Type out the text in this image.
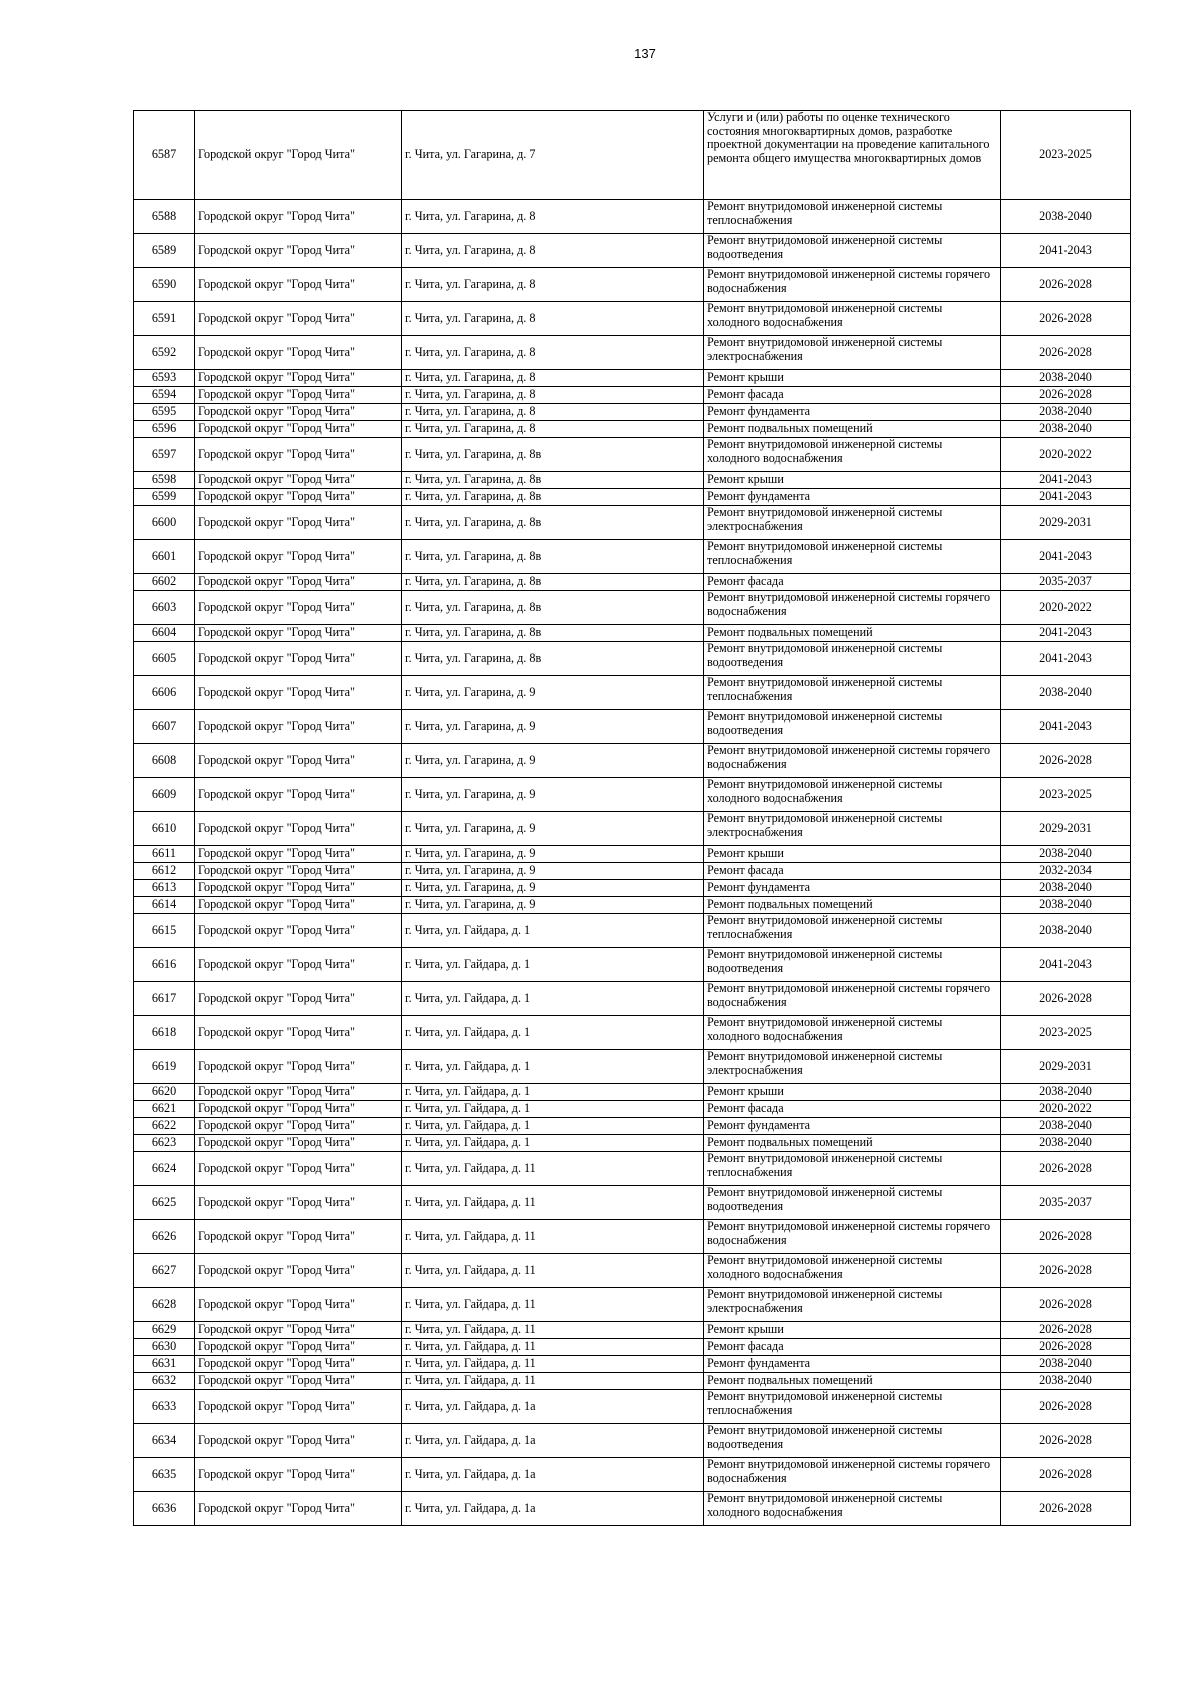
137
6587	Городской округ "Город Чита"	г. Чита, ул. Гагарина, д. 7	Услуги и (или) работы по оценке технического состояния многоквартирных домов, разработке проектной документации на проведение капитального ремонта общего имущества многоквартирных домов	2023-2025
6588	Городской округ "Город Чита"	г. Чита, ул. Гагарина, д. 8	Ремонт внутридомовой инженерной системы теплоснабжения	2038-2040
6589	Городской округ "Город Чита"	г. Чита, ул. Гагарина, д. 8	Ремонт внутридомовой инженерной системы водоотведения	2041-2043
6590	Городской округ "Город Чита"	г. Чита, ул. Гагарина, д. 8	Ремонт внутридомовой инженерной системы горячего водоснабжения	2026-2028
6591	Городской округ "Город Чита"	г. Чита, ул. Гагарина, д. 8	Ремонт внутридомовой инженерной системы холодного водоснабжения	2026-2028
6592	Городской округ "Город Чита"	г. Чита, ул. Гагарина, д. 8	Ремонт внутридомовой инженерной системы электроснабжения	2026-2028
6593	Городской округ "Город Чита"	г. Чита, ул. Гагарина, д. 8	Ремонт крыши	2038-2040
6594	Городской округ "Город Чита"	г. Чита, ул. Гагарина, д. 8	Ремонт фасада	2026-2028
6595	Городской округ "Город Чита"	г. Чита, ул. Гагарина, д. 8	Ремонт фундамента	2038-2040
6596	Городской округ "Город Чита"	г. Чита, ул. Гагарина, д. 8	Ремонт подвальных помещений	2038-2040
6597	Городской округ "Город Чита"	г. Чита, ул. Гагарина, д. 8в	Ремонт внутридомовой инженерной системы холодного водоснабжения	2020-2022
6598	Городской округ "Город Чита"	г. Чита, ул. Гагарина, д. 8в	Ремонт крыши	2041-2043
6599	Городской округ "Город Чита"	г. Чита, ул. Гагарина, д. 8в	Ремонт фундамента	2041-2043
6600	Городской округ "Город Чита"	г. Чита, ул. Гагарина, д. 8в	Ремонт внутридомовой инженерной системы электроснабжения	2029-2031
6601	Городской округ "Город Чита"	г. Чита, ул. Гагарина, д. 8в	Ремонт внутридомовой инженерной системы теплоснабжения	2041-2043
6602	Городской округ "Город Чита"	г. Чита, ул. Гагарина, д. 8в	Ремонт фасада	2035-2037
6603	Городской округ "Город Чита"	г. Чита, ул. Гагарина, д. 8в	Ремонт внутридомовой инженерной системы горячего водоснабжения	2020-2022
6604	Городской округ "Город Чита"	г. Чита, ул. Гагарина, д. 8в	Ремонт подвальных помещений	2041-2043
6605	Городской округ "Город Чита"	г. Чита, ул. Гагарина, д. 8в	Ремонт внутридомовой инженерной системы водоотведения	2041-2043
6606	Городской округ "Город Чита"	г. Чита, ул. Гагарина, д. 9	Ремонт внутридомовой инженерной системы теплоснабжения	2038-2040
6607	Городской округ "Город Чита"	г. Чита, ул. Гагарина, д. 9	Ремонт внутридомовой инженерной системы водоотведения	2041-2043
6608	Городской округ "Город Чита"	г. Чита, ул. Гагарина, д. 9	Ремонт внутридомовой инженерной системы горячего водоснабжения	2026-2028
6609	Городской округ "Город Чита"	г. Чита, ул. Гагарина, д. 9	Ремонт внутридомовой инженерной системы холодного водоснабжения	2023-2025
6610	Городской округ "Город Чита"	г. Чита, ул. Гагарина, д. 9	Ремонт внутридомовой инженерной системы электроснабжения	2029-2031
6611	Городской округ "Город Чита"	г. Чита, ул. Гагарина, д. 9	Ремонт крыши	2038-2040
6612	Городской округ "Город Чита"	г. Чита, ул. Гагарина, д. 9	Ремонт фасада	2032-2034
6613	Городской округ "Город Чита"	г. Чита, ул. Гагарина, д. 9	Ремонт фундамента	2038-2040
6614	Городской округ "Город Чита"	г. Чита, ул. Гагарина, д. 9	Ремонт подвальных помещений	2038-2040
6615	Городской округ "Город Чита"	г. Чита, ул. Гайдара, д. 1	Ремонт внутридомовой инженерной системы теплоснабжения	2038-2040
6616	Городской округ "Город Чита"	г. Чита, ул. Гайдара, д. 1	Ремонт внутридомовой инженерной системы водоотведения	2041-2043
6617	Городской округ "Город Чита"	г. Чита, ул. Гайдара, д. 1	Ремонт внутридомовой инженерной системы горячего водоснабжения	2026-2028
6618	Городской округ "Город Чита"	г. Чита, ул. Гайдара, д. 1	Ремонт внутридомовой инженерной системы холодного водоснабжения	2023-2025
6619	Городской округ "Город Чита"	г. Чита, ул. Гайдара, д. 1	Ремонт внутридомовой инженерной системы электроснабжения	2029-2031
6620	Городской округ "Город Чита"	г. Чита, ул. Гайдара, д. 1	Ремонт крыши	2038-2040
6621	Городской округ "Город Чита"	г. Чита, ул. Гайдара, д. 1	Ремонт фасада	2020-2022
6622	Городской округ "Город Чита"	г. Чита, ул. Гайдара, д. 1	Ремонт фундамента	2038-2040
6623	Городской округ "Город Чита"	г. Чита, ул. Гайдара, д. 1	Ремонт подвальных помещений	2038-2040
6624	Городской округ "Город Чита"	г. Чита, ул. Гайдара, д. 11	Ремонт внутридомовой инженерной системы теплоснабжения	2026-2028
6625	Городской округ "Город Чита"	г. Чита, ул. Гайдара, д. 11	Ремонт внутридомовой инженерной системы водоотведения	2035-2037
6626	Городской округ "Город Чита"	г. Чита, ул. Гайдара, д. 11	Ремонт внутридомовой инженерной системы горячего водоснабжения	2026-2028
6627	Городской округ "Город Чита"	г. Чита, ул. Гайдара, д. 11	Ремонт внутридомовой инженерной системы холодного водоснабжения	2026-2028
6628	Городской округ "Город Чита"	г. Чита, ул. Гайдара, д. 11	Ремонт внутридомовой инженерной системы электроснабжения	2026-2028
6629	Городской округ "Город Чита"	г. Чита, ул. Гайдара, д. 11	Ремонт крыши	2026-2028
6630	Городской округ "Город Чита"	г. Чита, ул. Гайдара, д. 11	Ремонт фасада	2026-2028
6631	Городской округ "Город Чита"	г. Чита, ул. Гайдара, д. 11	Ремонт фундамента	2038-2040
6632	Городской округ "Город Чита"	г. Чита, ул. Гайдара, д. 11	Ремонт подвальных помещений	2038-2040
6633	Городской округ "Город Чита"	г. Чита, ул. Гайдара, д. 1а	Ремонт внутридомовой инженерной системы теплоснабжения	2026-2028
6634	Городской округ "Город Чита"	г. Чита, ул. Гайдара, д. 1а	Ремонт внутридомовой инженерной системы водоотведения	2026-2028
6635	Городской округ "Город Чита"	г. Чита, ул. Гайдара, д. 1а	Ремонт внутридомовой инженерной системы горячего водоснабжения	2026-2028
6636	Городской округ "Город Чита"	г. Чита, ул. Гайдара, д. 1а	Ремонт внутридомовой инженерной системы холодного водоснабжения	2026-2028
